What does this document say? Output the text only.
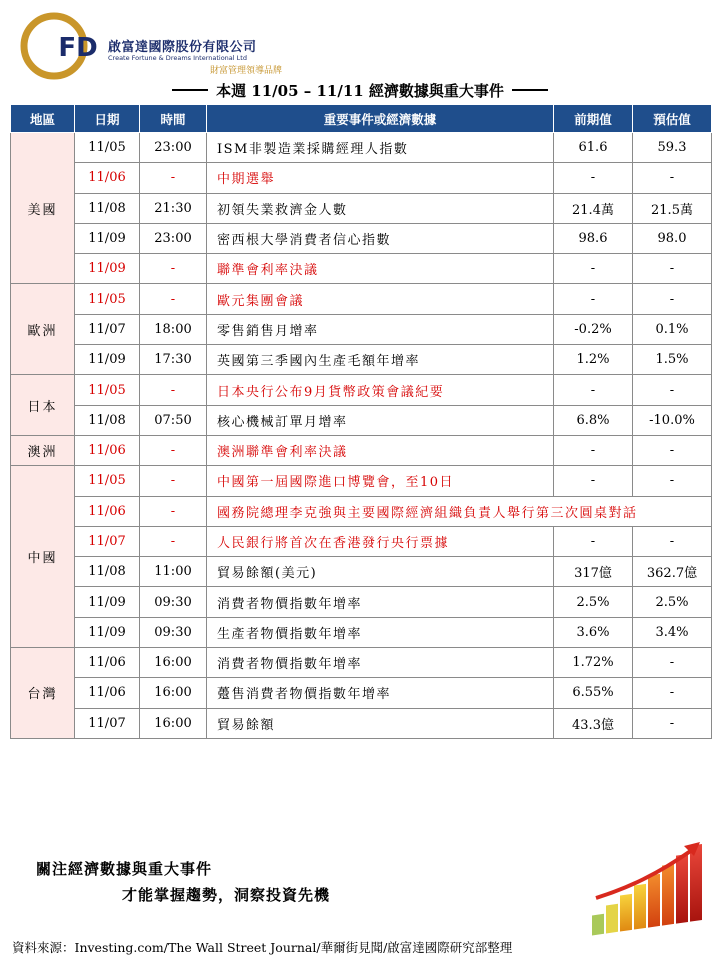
FD 啟富達國際股份有限公司
Create Fortune & Dreams International Ltd
財富管理領導品牌
本週 11/05 – 11/11 經濟數據與重大事件
地區	日期	時間	重要事件或經濟數據	前期值	預估值
美國	11/05	23:00	ISM非製造業採購經理人指數	61.6	59.3
	11/06	-	中期選舉	-	-
	11/08	21:30	初領失業救濟金人數	21.4萬	21.5萬
	11/09	23:00	密西根大學消費者信心指數	98.6	98.0
	11/09	-	聯準會利率決議	-	-
歐洲	11/05	-	歐元集團會議	-	-
	11/07	18:00	零售銷售月增率	-0.2%	0.1%
	11/09	17:30	英國第三季國內生產毛額年增率	1.2%	1.5%
日本	11/05	-	日本央行公布9月貨幣政策會議紀要	-	-
	11/08	07:50	核心機械訂單月增率	6.8%	-10.0%
澳洲	11/06	-	澳洲聯準會利率決議	-	-
中國	11/05	-	中國第一屆國際進口博覽會，至10日	-	-
	11/06	-	國務院總理李克強與主要國際經濟組織負責人舉行第三次圓桌對話		
	11/07	-	人民銀行將首次在香港發行央行票據	-	-
	11/08	11:00	貿易餘額(美元)	317億	362.7億
	11/09	09:30	消費者物價指數年增率	2.5%	2.5%
	11/09	09:30	生產者物價指數年增率	3.6%	3.4%
台灣	11/06	16:00	消費者物價指數年增率	1.72%	-
	11/06	16:00	躉售消費者物價指數年增率	6.55%	-
	11/07	16:00	貿易餘額	43.3億	-
關注經濟數據與重大事件
才能掌握趨勢，洞察投資先機
資料來源：Investing.com/The Wall Street Journal/華爾街見聞/啟富達國際研究部整理
